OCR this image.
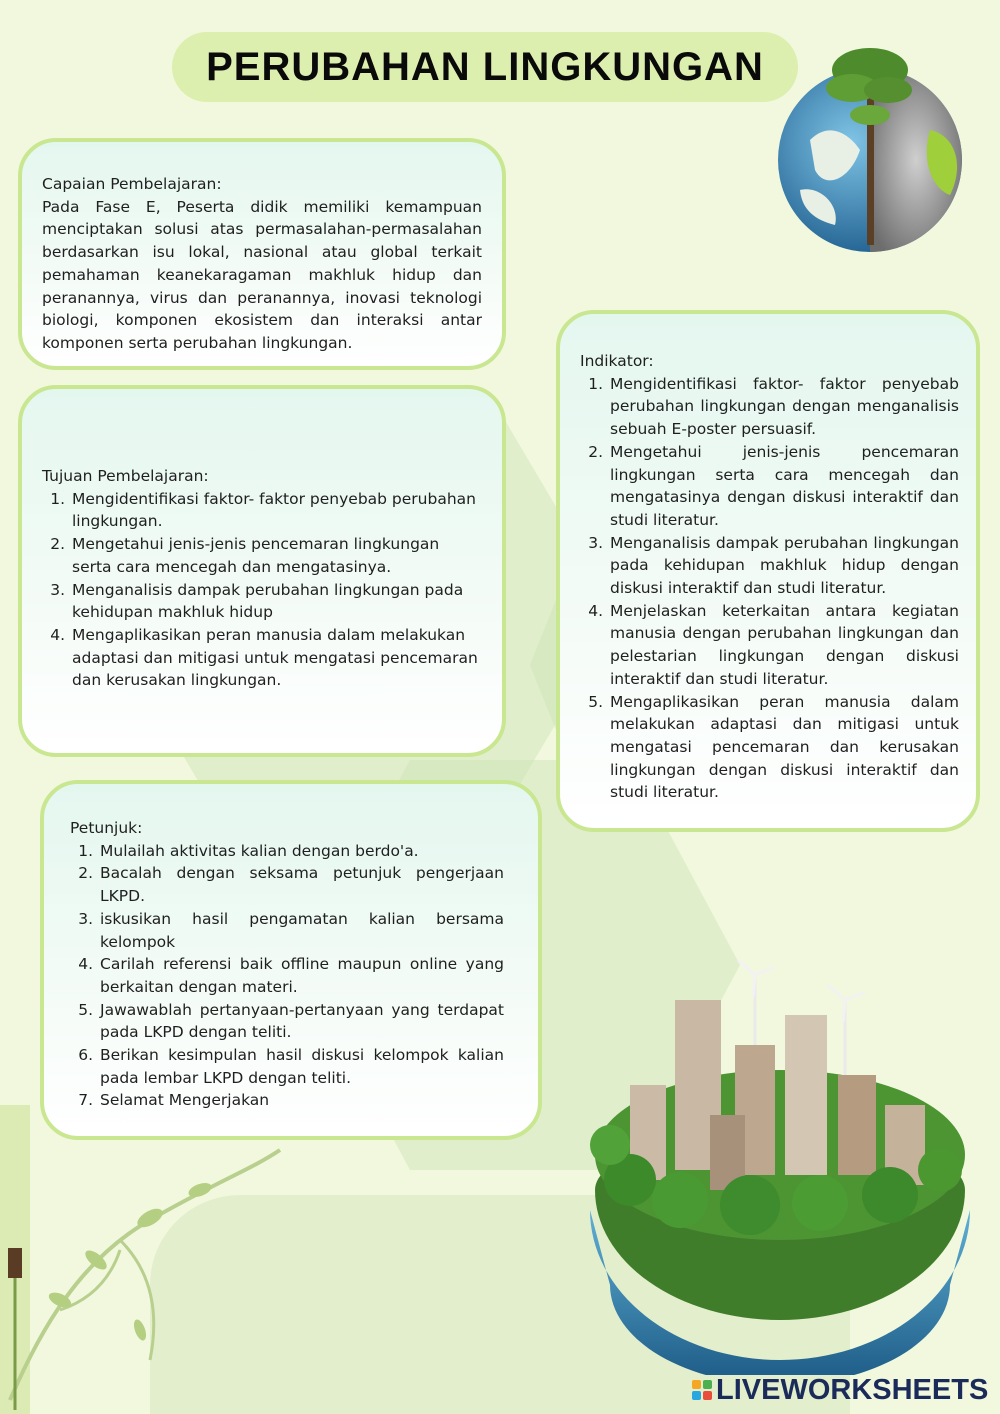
PERUBAHAN LINGKUNGAN
Capaian Pembelajaran:

Pada Fase E, Peserta didik memiliki kemampuan menciptakan solusi atas permasalahan-permasalahan berdasarkan isu lokal, nasional atau global terkait pemahaman keanekaragaman makhluk hidup dan peranannya, virus dan peranannya, inovasi teknologi biologi, komponen ekosistem dan interaksi antar komponen serta perubahan lingkungan.

Tujuan Pembelajaran:
1. Mengidentifikasi faktor- faktor penyebab perubahan lingkungan.
2. Mengetahui jenis-jenis pencemaran lingkungan serta cara mencegah dan mengatasinya.
3. Menganalisis dampak perubahan lingkungan pada kehidupan makhluk hidup
4. Mengaplikasikan peran manusia dalam melakukan adaptasi dan mitigasi untuk mengatasi pencemaran dan kerusakan lingkungan.
Indikator:
1. Mengidentifikasi faktor- faktor penyebab perubahan lingkungan dengan menganalisis sebuah E-poster persuasif.
2. Mengetahui jenis-jenis pencemaran lingkungan serta cara mencegah dan mengatasinya dengan diskusi interaktif dan studi literatur.
3. Menganalisis dampak perubahan lingkungan pada kehidupan makhluk hidup dengan diskusi interaktif dan studi literatur.
4. Menjelaskan keterkaitan antara kegiatan manusia dengan perubahan lingkungan dan pelestarian lingkungan dengan diskusi interaktif dan studi literatur.
5. Mengaplikasikan peran manusia dalam melakukan adaptasi dan mitigasi untuk mengatasi pencemaran dan kerusakan lingkungan dengan diskusi interaktif dan studi literatur.
Petunjuk:
1. Mulailah aktivitas kalian dengan berdo'a.
2. Bacalah dengan seksama petunjuk pengerjaan LKPD.
3. iskusikan hasil pengamatan kalian bersama kelompok
4. Carilah referensi baik offline maupun online yang berkaitan dengan materi.
5. Jawawablah pertanyaan-pertanyaan yang terdapat pada LKPD dengan teliti.
6. Berikan kesimpulan hasil diskusi kelompok kalian pada lembar LKPD dengan teliti.
7. Selamat Mengerjakan
LIVEWORKSHEETS
